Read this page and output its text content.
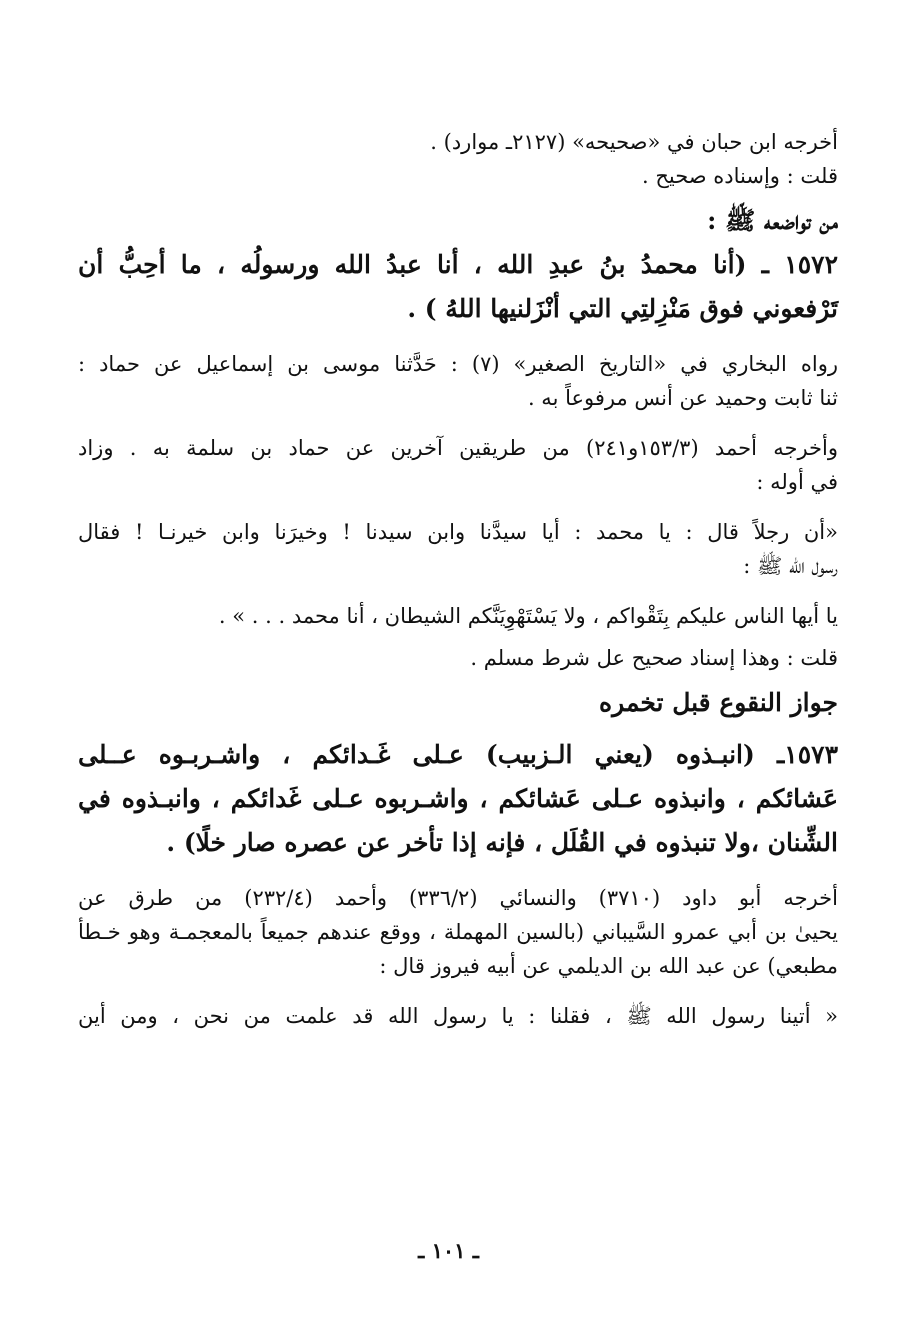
أخرجه ابن حبان في «صحيحه» (٢١٢٧ـ موارد) .

قلت : وإسناده صحيح .

من تواضعه ﷺ :

١٥٧٢ ـ (أنا محمدُ بنُ عبدِ الله ، أنا عبدُ الله ورسولُه ، ما أحِبُّ أن

تَرْفعوني فوق مَنْزِلتِي التي أنْزَلنيها اللهُ ) .

رواه البخاري في «التاريخ الصغير» (٧) : حَدَّثنا موسى بن إسماعيل عن حماد :

ثنا ثابت وحميد عن أنس مرفوعاً به .

وأخرجه أحمد (١٥٣/٣و٢٤١) من طريقين آخرين عن حماد بن سلمة به . وزاد

في أوله :

«أن رجلاً قال : يا محمد : أيا سيدَّنا وابن سيدنا ! وخيرَنا وابن خيرنـا ! فقال

رسول الله ﷺ :

يا أيها الناس عليكم بِتَقْواكم ، ولا يَسْتَهْوِيَنَّكم الشيطان ، أنا محمد . . . » .

قلت : وهذا إسناد صحيح عل شرط مسلم .

جواز النقوع قبل تخمره

١٥٧٣ـ (انبـذوه (يعني الـزبيب) عـلى غَـدائكم ، واشـربـوه عــلى

عَشائكم ، وانبذوه عـلى عَشائكم ، واشـربوه عـلى غَدائكم ، وانبـذوه في

الشِّنان ،ولا تنبذوه في القُلَل ، فإنه إذا تأخر عن عصره صار خلًا) .

أخرجه أبو داود (٣٧١٠) والنسائي (٣٣٦/٢) وأحمد (٢٣٢/٤) من طرق عن

يحيىٰ بن أبي عمرو السَّيباني (بالسين المهملة ، ووقع عندهم جميعاً بالمعجمـة وهو خـطأ

مطبعي) عن عبد الله بن الديلمي عن أبيه فيروز قال :

« أتينا رسول الله ﷺ ، فقلنا : يا رسول الله قد علمت من نحن ، ومن أين

ـ ١٠١ ـ
